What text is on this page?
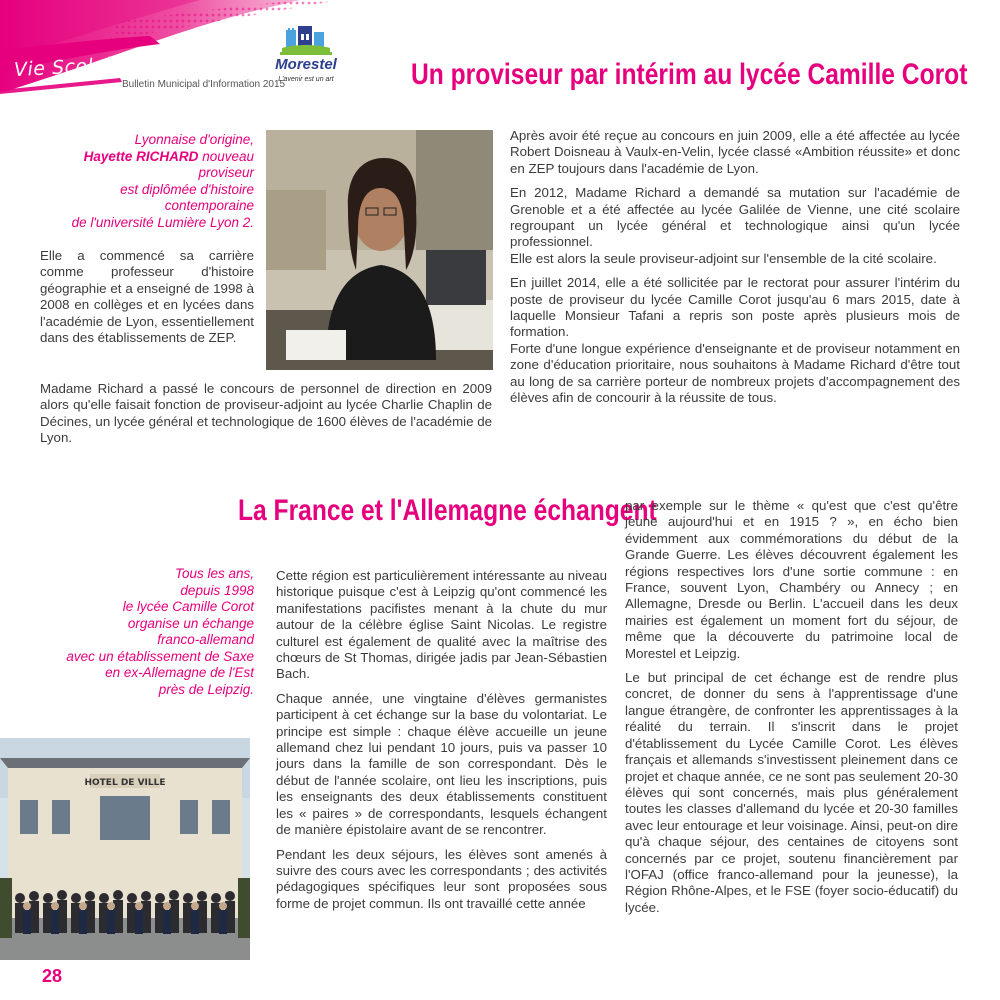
Vie Scolaire
Bulletin Municipal d'Information 2015
Morestel
L'avenir est un art	Un proviseur par intérim au lycée Camille Corot
Lyonnaise d'origine,
Hayette RICHARD nouveau
proviseur
est diplômée d'histoire
contemporaine
de l'université Lumière Lyon 2.

Elle a commencé sa carrière comme professeur d'histoire géographie et a enseigné de 1998 à 2008 en collèges et en lycées dans l'académie de Lyon, essentiellement dans des établissements de ZEP.

Madame Richard a passé le concours de personnel de direction en 2009 alors qu'elle faisait fonction de proviseur-adjoint au lycée Charlie Chaplin de Décines, un lycée général et technologique de 1600 élèves de l'académie de Lyon.

Après avoir été reçue au concours en juin 2009, elle a été affectée au lycée Robert Doisneau à Vaulx-en-Velin, lycée classé «Ambition réussite» et donc en ZEP toujours dans l'académie de Lyon.

En 2012, Madame Richard a demandé sa mutation sur l'académie de Grenoble et a été affectée au lycée Galilée de Vienne, une cité scolaire regroupant un lycée général et technologique ainsi qu'un lycée professionnel.

Elle est alors la seule proviseur-adjoint sur l'ensemble de la cité scolaire.

En juillet 2014, elle a été sollicitée par le rectorat pour assurer l'intérim du poste de proviseur du lycée Camille Corot jusqu'au 6 mars 2015, date à laquelle Monsieur Tafani a repris son poste après plusieurs mois de formation.

Forte d'une longue expérience d'enseignante et de proviseur notamment en zone d'éducation prioritaire, nous souhaitons à Madame Richard d'être tout au long de sa carrière porteur de nombreux projets d'accompagnement des élèves afin de concourir à la réussite de tous.

La France et l'Allemagne échangent
Tous les ans,
depuis 1998
le lycée Camille Corot
organise un échange
franco-allemand
avec un établissement de Saxe
en ex-Allemagne de l'Est
près de Leipzig.
HOTEL DE VILLE

Cette région est particulièrement intéressante au niveau historique puisque c'est à Leipzig qu'ont commencé les manifestations pacifistes menant à la chute du mur autour de la célèbre église Saint Nicolas. Le registre culturel est également de qualité avec la maîtrise des chœurs de St Thomas, dirigée jadis par Jean-Sébastien Bach.

Chaque année, une vingtaine d'élèves germanistes participent à cet échange sur la base du volontariat. Le principe est simple : chaque élève accueille un jeune allemand chez lui pendant 10 jours, puis va passer 10 jours dans la famille de son correspondant. Dès le début de l'année scolaire, ont lieu les inscriptions, puis les enseignants des deux établissements constituent les « paires » de correspondants, lesquels échangent de manière épistolaire avant de se rencontrer.

Pendant les deux séjours, les élèves sont amenés à suivre des cours avec les correspondants ; des activités pédagogiques spécifiques leur sont proposées sous forme de projet commun. Ils ont travaillé cette année

par exemple sur le thème « qu'est que c'est qu'être jeune aujourd'hui et en 1915 ? », en écho bien évidemment aux commémorations du début de la Grande Guerre. Les élèves découvrent également les régions respectives lors d'une sortie commune : en France, souvent Lyon, Chambéry ou Annecy ; en Allemagne, Dresde ou Berlin. L'accueil dans les deux mairies est également un moment fort du séjour, de même que la découverte du patrimoine local de Morestel et Leipzig.

Le but principal de cet échange est de rendre plus concret, de donner du sens à l'apprentissage d'une langue étrangère, de confronter les apprentissages à la réalité du terrain. Il s'inscrit dans le projet d'établissement du Lycée Camille Corot. Les élèves français et allemands s'investissent pleinement dans ce projet et chaque année, ce ne sont pas seulement 20-30 élèves qui sont concernés, mais plus généralement toutes les classes d'allemand du lycée et 20-30 familles avec leur entourage et leur voisinage. Ainsi, peut-on dire qu'à chaque séjour, des centaines de citoyens sont concernés par ce projet, soutenu financièrement par l'OFAJ (office franco-allemand pour la jeunesse), la Région Rhône-Alpes, et le FSE (foyer socio-éducatif) du lycée.

28
